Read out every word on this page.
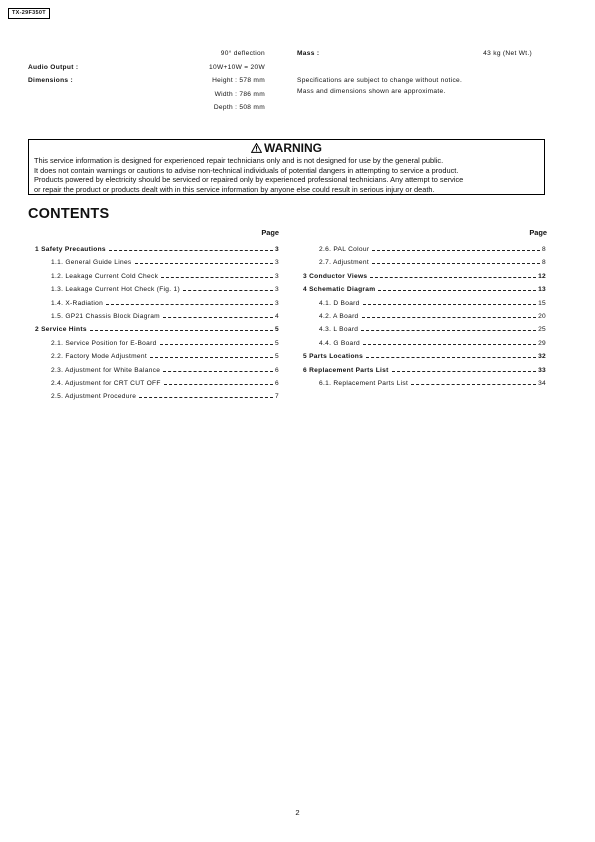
TX-29F350T
90° deflection
Audio Output :	10W+10W = 20W
Dimensions :	Height : 578 mm
Width : 786 mm
Depth : 508 mm
Mass :	43 kg (Net Wt.)
Specifications are subject to change without notice.
Mass and dimensions shown are approximate.
WARNING
This service information is designed for experienced repair technicians only and is not designed for use by the general public.
It does not contain warnings or cautions to advise non-technical individuals of potential dangers in attempting to service a product.
Products powered by electricity should be serviced or repaired only by experienced professional technicians. Any attempt to service
or repair the product or products dealt with in this service information by anyone else could result in serious injury or death.
CONTENTS
Page	Page
1 Safety Precautions	3
1.1. General Guide Lines	3
1.2. Leakage Current Cold Check	3
1.3. Leakage Current Hot Check (Fig. 1)	3
1.4. X-Radiation	3
1.5. GP21 Chassis Block Diagram	4
2 Service Hints	5
2.1. Service Position for E-Board	5
2.2. Factory Mode Adjustment	5
2.3. Adjustment for White Balance	6
2.4. Adjustment for CRT CUT OFF	6
2.5. Adjustment Procedure	7
2.6. PAL Colour	8
2.7. Adjustment	8
3 Conductor Views	12
4 Schematic Diagram	13
4.1. D Board	15
4.2. A Board	20
4.3. L Board	25
4.4. G Board	29
5 Parts Locations	32
6 Replacement Parts List	33
6.1. Replacement Parts List	34
2
